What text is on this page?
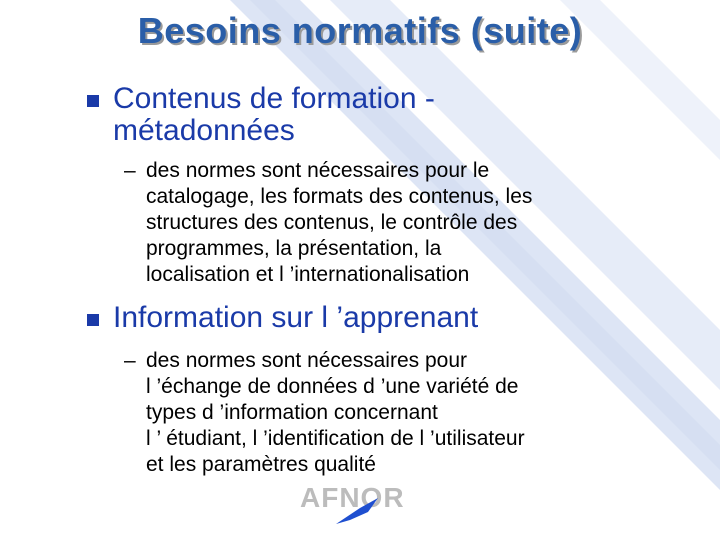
Besoins normatifs (suite)
Contenus de formation -
métadonnées
– des normes sont nécessaires pour le
catalogage, les formats des contenus, les
structures des contenus, le contrôle des
programmes, la présentation, la
localisation et l ’internationalisation
Information sur l ’apprenant
– des normes sont nécessaires pour
l ’échange de données d ’une variété de
types d ’information concernant
l ’ étudiant, l ’identification de l ’utilisateur
et les paramètres qualité
AFNOR
